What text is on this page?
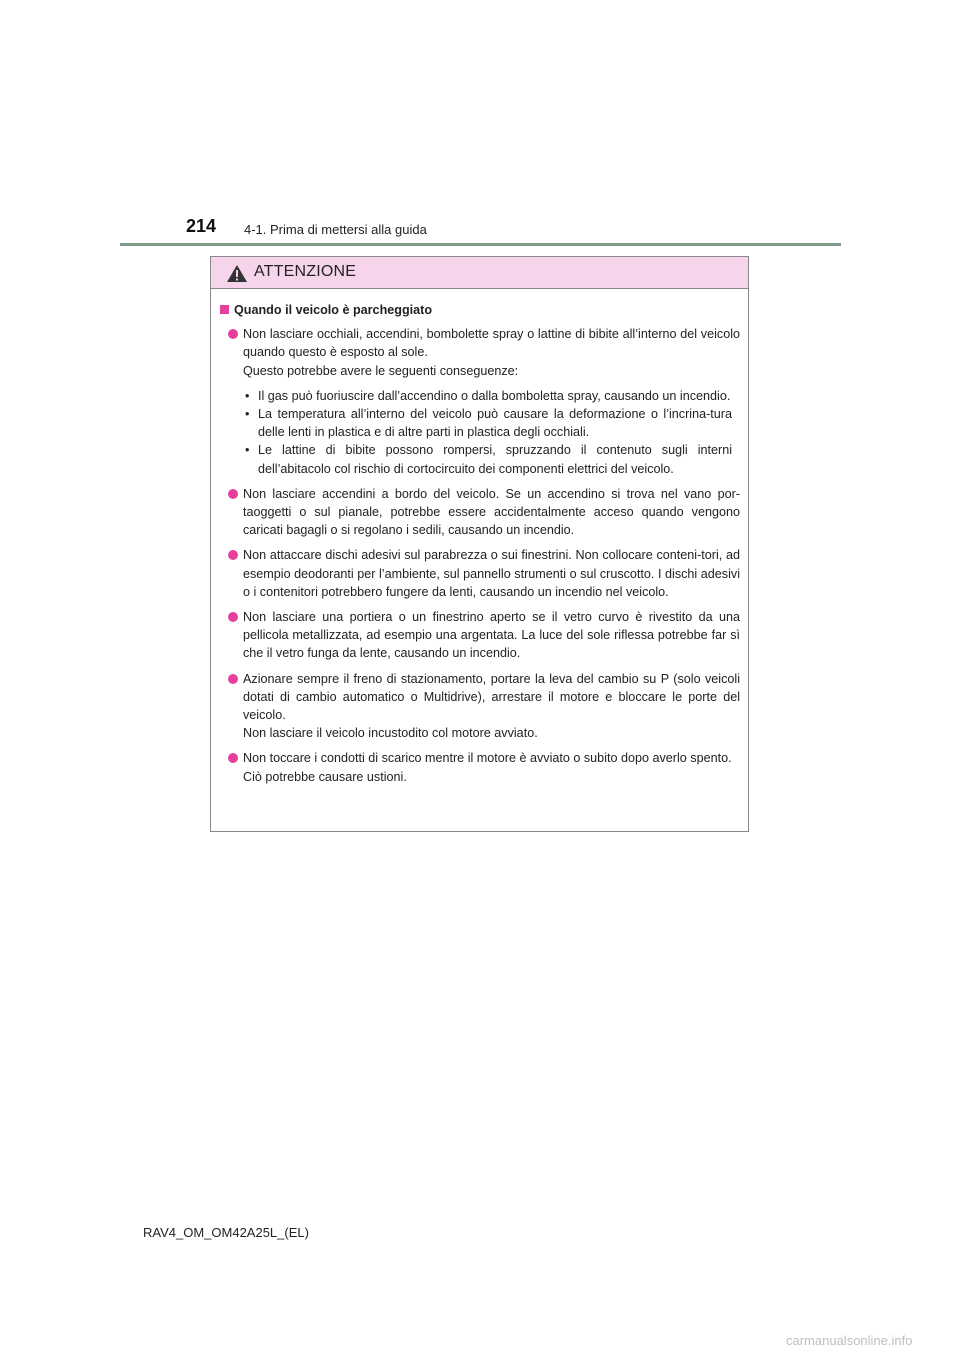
214 4-1. Prima di mettersi alla guida
ATTENZIONE
Quando il veicolo è parcheggiato

Non lasciare occhiali, accendini, bombolette spray o lattine di bibite all’interno del veicolo quando questo è esposto al sole.

Questo potrebbe avere le seguenti conseguenze:

• Il gas può fuoriuscire dall’accendino o dalla bomboletta spray, causando un incendio.
• La temperatura all’interno del veicolo può causare la deformazione o l’incrina-tura delle lenti in plastica e di altre parti in plastica degli occhiali.
• Le lattine di bibite possono rompersi, spruzzando il contenuto sugli interni dell’abitacolo col rischio di cortocircuito dei componenti elettrici del veicolo.

Non lasciare accendini a bordo del veicolo. Se un accendino si trova nel vano por-taoggetti o sul pianale, potrebbe essere accidentalmente acceso quando vengono caricati bagagli o si regolano i sedili, causando un incendio.

Non attaccare dischi adesivi sul parabrezza o sui finestrini. Non collocare conteni-tori, ad esempio deodoranti per l’ambiente, sul pannello strumenti o sul cruscotto. I dischi adesivi o i contenitori potrebbero fungere da lenti, causando un incendio nel veicolo.

Non lasciare una portiera o un finestrino aperto se il vetro curvo è rivestito da una pellicola metallizzata, ad esempio una argentata. La luce del sole riflessa potrebbe far sì che il vetro funga da lente, causando un incendio.

Azionare sempre il freno di stazionamento, portare la leva del cambio su P (solo veicoli dotati di cambio automatico o Multidrive), arrestare il motore e bloccare le porte del veicolo.

Non lasciare il veicolo incustodito col motore avviato.

Non toccare i condotti di scarico mentre il motore è avviato o subito dopo averlo spento.

Ciò potrebbe causare ustioni.

RAV4_OM_OM42A25L_(EL)
carmanualsonline.info
